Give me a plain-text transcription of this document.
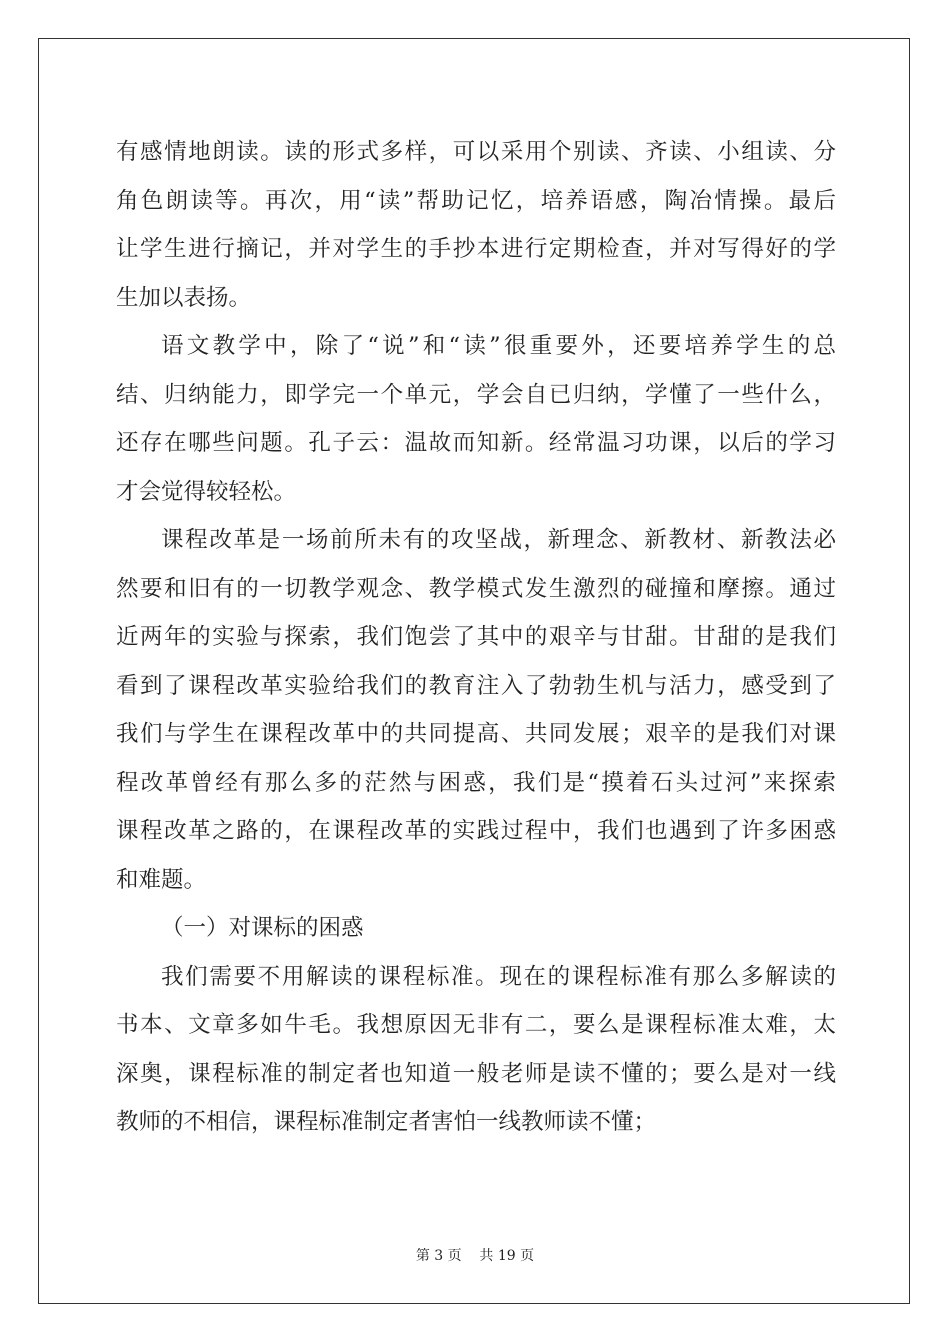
有感情地朗读。读的形式多样，可以采用个别读、齐读、小组读、分
角色朗读等。再次，用“读”帮助记忆，培养语感，陶冶情操。最后
让学生进行摘记，并对学生的手抄本进行定期检查，并对写得好的学
生加以表扬。
语文教学中，除了“说”和“读”很重要外，还要培养学生的总
结、归纳能力，即学完一个单元，学会自已归纳，学懂了一些什么，
还存在哪些问题。孔子云：温故而知新。经常温习功课，以后的学习
才会觉得较轻松。
课程改革是一场前所未有的攻坚战，新理念、新教材、新教法必
然要和旧有的一切教学观念、教学模式发生激烈的碰撞和摩擦。通过
近两年的实验与探索，我们饱尝了其中的艰辛与甘甜。甘甜的是我们
看到了课程改革实验给我们的教育注入了勃勃生机与活力，感受到了
我们与学生在课程改革中的共同提高、共同发展；艰辛的是我们对课
程改革曾经有那么多的茫然与困惑，我们是“摸着石头过河”来探索
课程改革之路的，在课程改革的实践过程中，我们也遇到了许多困惑
和难题。
（一）对课标的困惑
我们需要不用解读的课程标准。现在的课程标准有那么多解读的
书本、文章多如牛毛。我想原因无非有二，要么是课程标准太难，太
深奥，课程标准的制定者也知道一般老师是读不懂的；要么是对一线
教师的不相信，课程标准制定者害怕一线教师读不懂；
第 3 页    共 19 页
